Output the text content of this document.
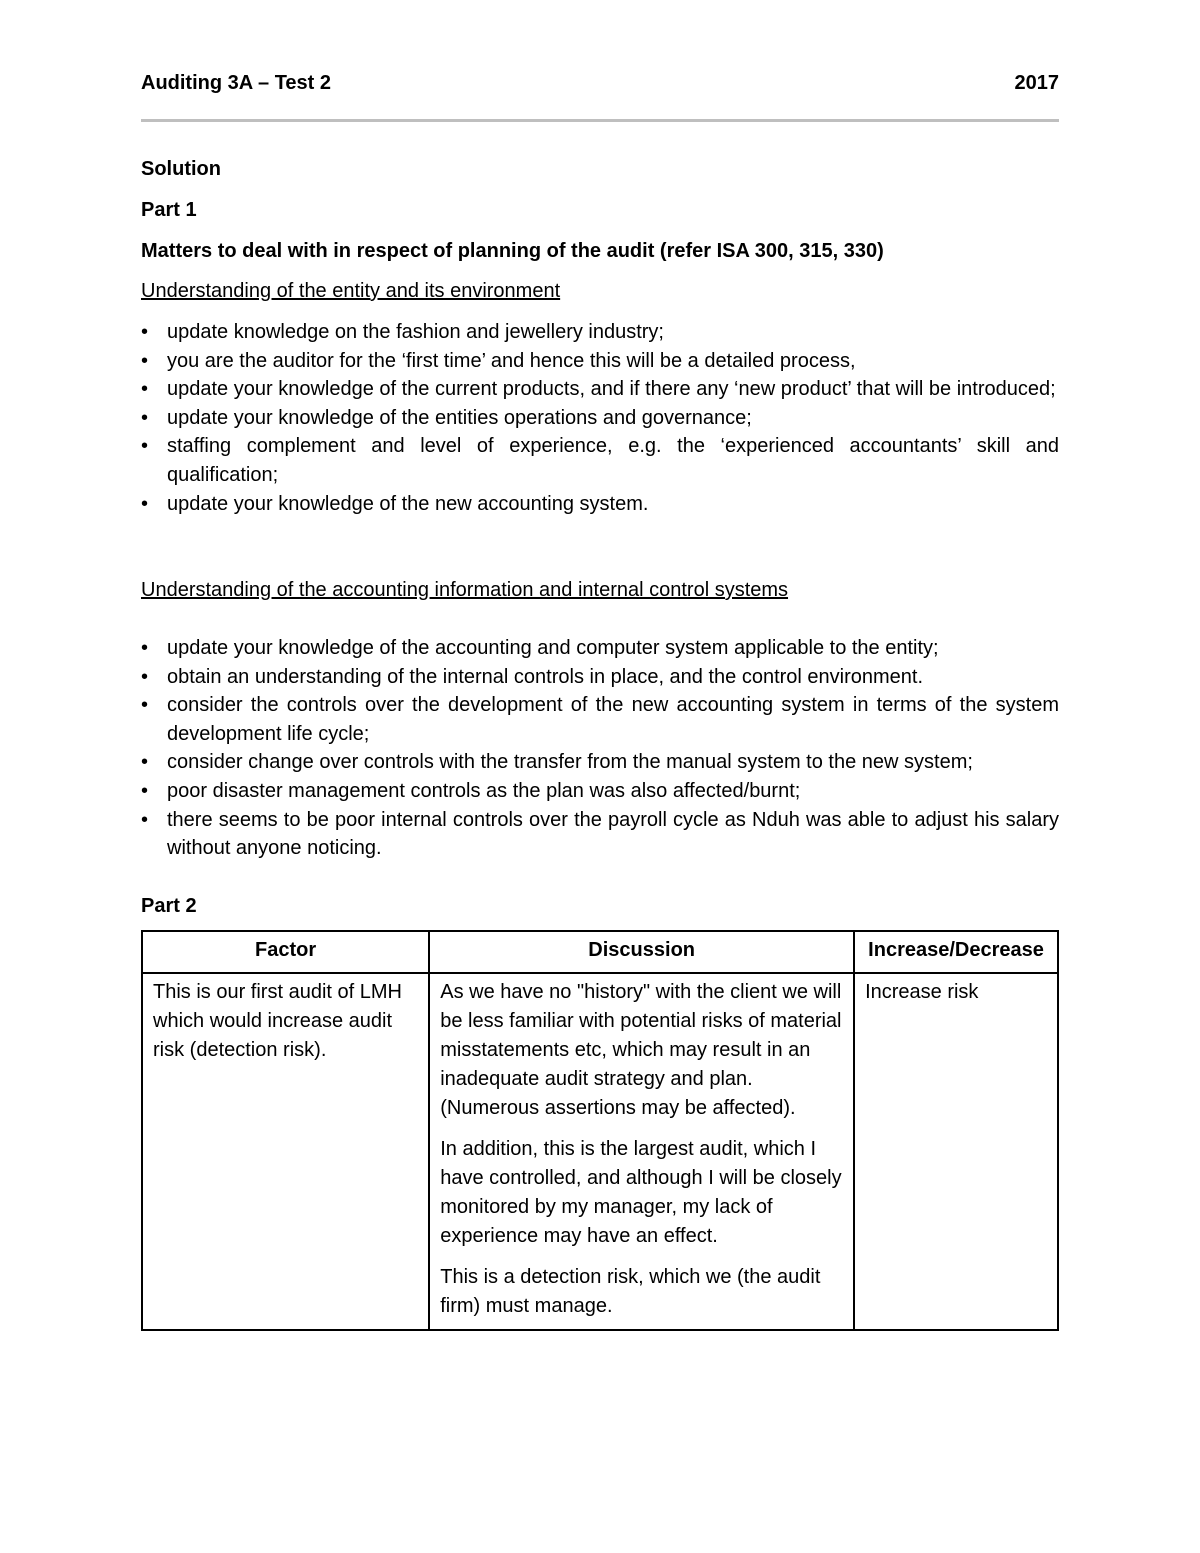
Auditing 3A – Test 2	2017
Solution
Part 1
Matters to deal with in respect of planning of the audit (refer ISA 300, 315, 330)
Understanding of the entity and its environment
• update knowledge on the fashion and jewellery industry;
• you are the auditor for the ‘first time’ and hence this will be a detailed process,
• update your knowledge of the current products, and if there any ‘new product’ that will be introduced;
• update your knowledge of the entities operations and governance;
• staffing complement and level of experience, e.g. the ‘experienced accountants’ skill and qualification;
• update your knowledge of the new accounting system.
Understanding of the accounting information and internal control systems
• update your knowledge of the accounting and computer system applicable to the entity;
• obtain an understanding of the internal controls in place, and the control environment.
• consider the controls over the development of the new accounting system in terms of the system development life cycle;
• consider change over controls with the transfer from the manual system to the new system;
• poor disaster management controls as the plan was also affected/burnt;
• there seems to be poor internal controls over the payroll cycle as Nduh was able to adjust his salary without anyone noticing.
Part 2
Factor	Discussion	Increase/Decrease
This is our first audit of LMH which would increase audit risk (detection risk).	As we have no "history" with the client we will be less familiar with potential risks of material misstatements etc, which may result in an inadequate audit strategy and plan. (Numerous assertions may be affected).

In addition, this is the largest audit, which I have controlled, and although I will be closely monitored by my manager, my lack of experience may have an effect.

This is a detection risk, which we (the audit firm) must manage.	Increase risk
